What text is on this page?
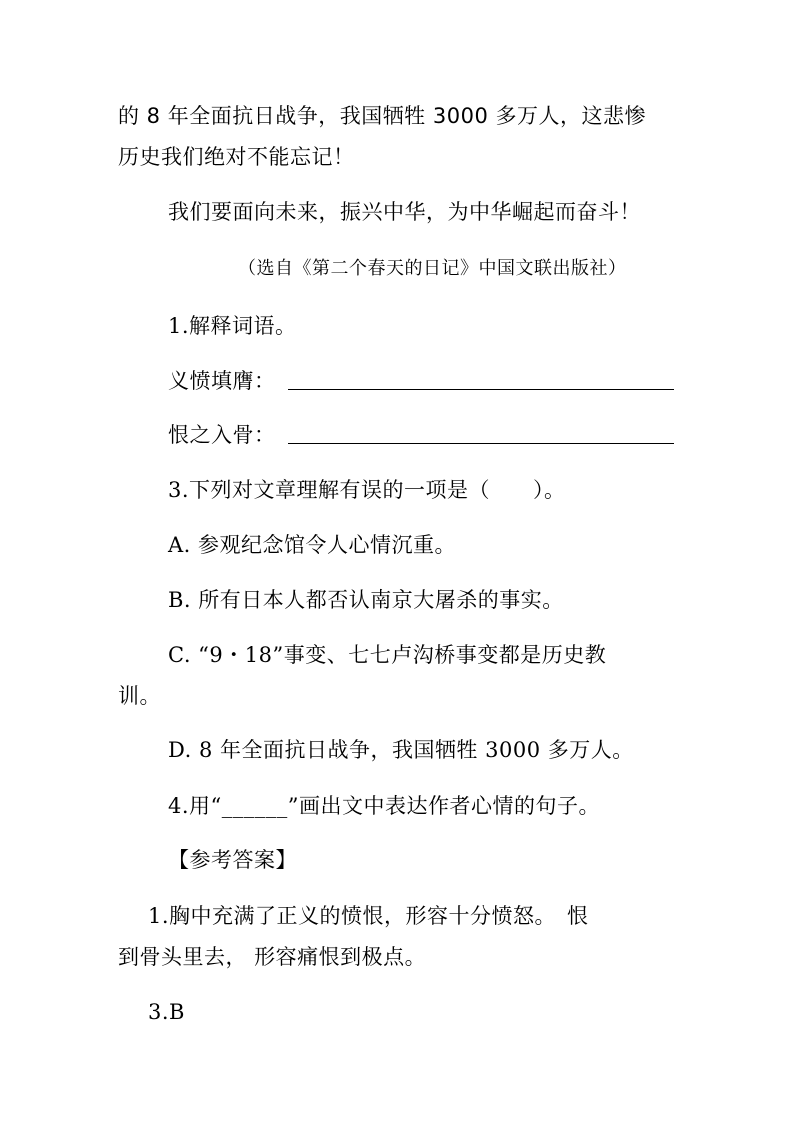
的 8 年全面抗日战争，我国牺牲 3000 多万人，这悲惨
历史我们绝对不能忘记！
我们要面向未来，振兴中华，为中华崛起而奋斗！
（选自《第二个春天的日记》中国文联出版社）
1.解释词语。
义愤填膺：
恨之入骨：
3.下列对文章理解有误的一项是（　　）。
A. 参观纪念馆令人心情沉重。
B. 所有日本人都否认南京大屠杀的事实。
C. “9・18”事变、七七卢沟桥事变都是历史教
训。
D. 8 年全面抗日战争，我国牺牲 3000 多万人。
4.用“______”画出文中表达作者心情的句子。
【参考答案】
1.胸中充满了正义的愤恨，形容十分愤怒。　恨
到骨头里去， 形容痛恨到极点。
3.B
